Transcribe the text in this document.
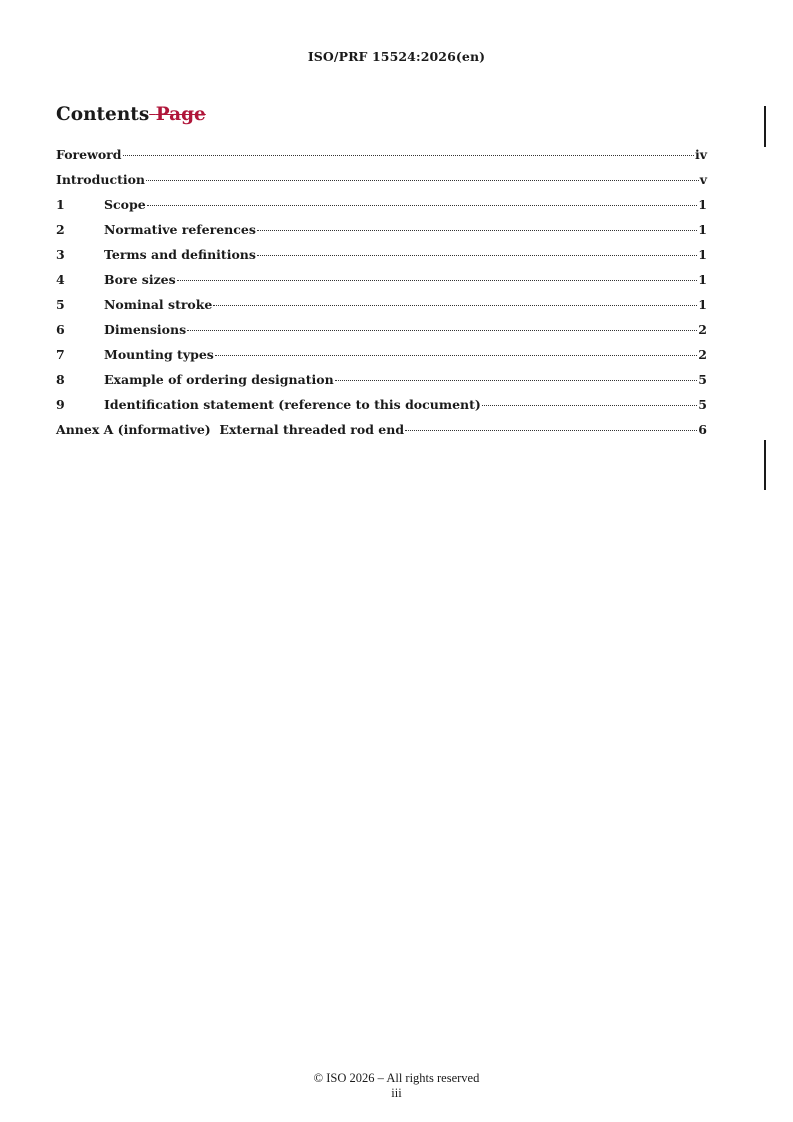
ISO/PRF 15524:2026(en)
Contents Page
Foreword	iv
Introduction	v
1	Scope	1
2	Normative references	1
3	Terms and definitions	1
4	Bore sizes	1
5	Nominal stroke	1
6	Dimensions	2
7	Mounting types	2
8	Example of ordering designation	5
9	Identification statement (reference to this document)	5
Annex A (informative)  External threaded rod end	6
© ISO 2026 – All rights reserved
iii
